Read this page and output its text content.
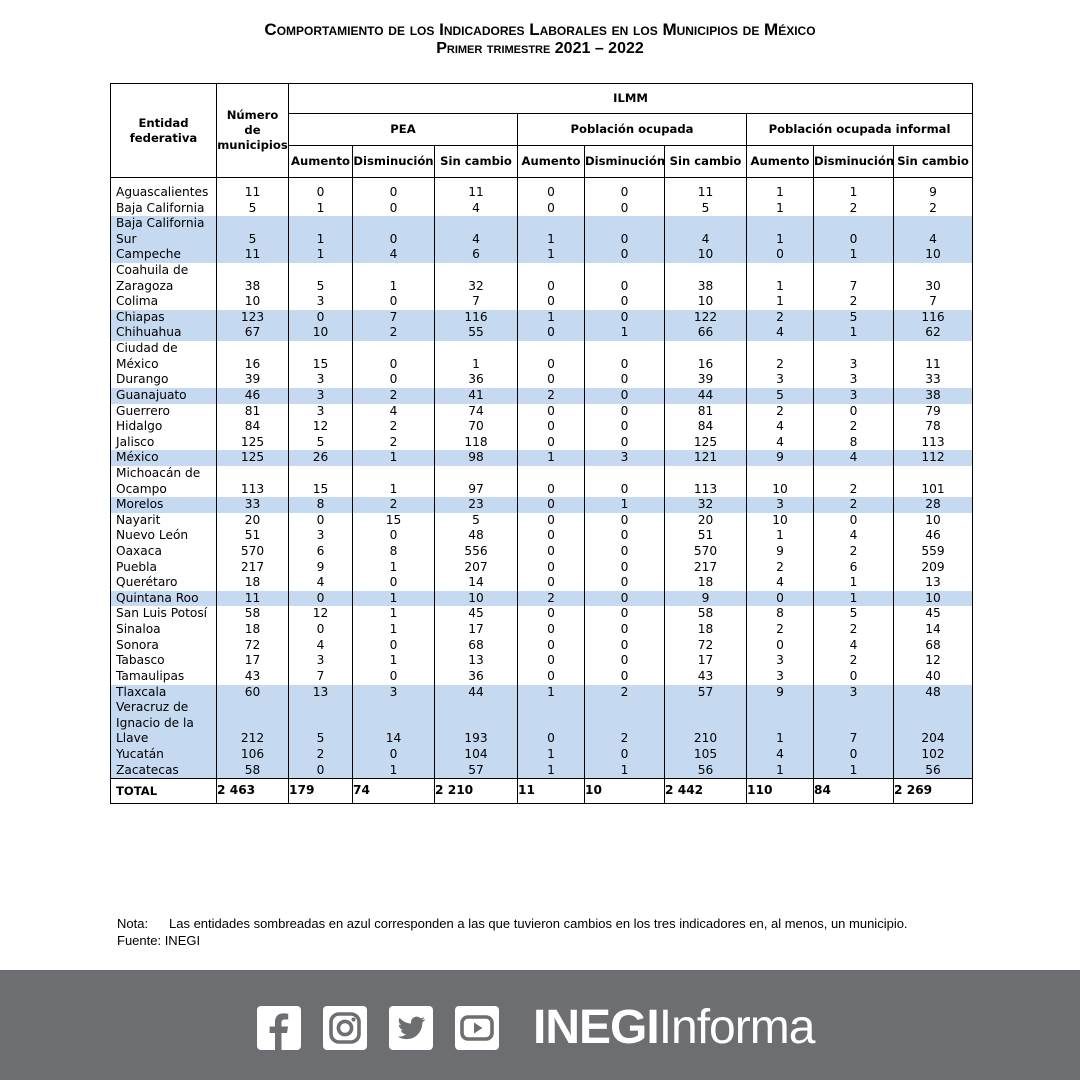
Comportamiento de los Indicadores Laborales en los Municipios de México
Primer trimestre 2021 – 2022
Entidad federativa	Número de municipios	ILMM								
		PEA			Población ocupada			Población ocupada informal		
		Aumento	Disminución	Sin cambio	Aumento	Disminución	Sin cambio	Aumento	Disminución	Sin cambio

Aguascalientes	11	0	0	11	0	0	11	1	1	9
Baja California	5	1	0	4	0	0	5	1	2	2
Baja California Sur	5	1	0	4	1	0	4	1	0	4
Campeche	11	1	4	6	1	0	10	0	1	10
Coahuila de Zaragoza	38	5	1	32	0	0	38	1	7	30
Colima	10	3	0	7	0	0	10	1	2	7
Chiapas	123	0	7	116	1	0	122	2	5	116
Chihuahua	67	10	2	55	0	1	66	4	1	62
Ciudad de México	16	15	0	1	0	0	16	2	3	11
Durango	39	3	0	36	0	0	39	3	3	33
Guanajuato	46	3	2	41	2	0	44	5	3	38
Guerrero	81	3	4	74	0	0	81	2	0	79
Hidalgo	84	12	2	70	0	0	84	4	2	78
Jalisco	125	5	2	118	0	0	125	4	8	113
México	125	26	1	98	1	3	121	9	4	112
Michoacán de Ocampo	113	15	1	97	0	0	113	10	2	101
Morelos	33	8	2	23	0	1	32	3	2	28
Nayarit	20	0	15	5	0	0	20	10	0	10
Nuevo León	51	3	0	48	0	0	51	1	4	46
Oaxaca	570	6	8	556	0	0	570	9	2	559
Puebla	217	9	1	207	0	0	217	2	6	209
Querétaro	18	4	0	14	0	0	18	4	1	13
Quintana Roo	11	0	1	10	2	0	9	0	1	10
San Luis Potosí	58	12	1	45	0	0	58	8	5	45
Sinaloa	18	0	1	17	0	0	18	2	2	14
Sonora	72	4	0	68	0	0	72	0	4	68
Tabasco	17	3	1	13	0	0	17	3	2	12
Tamaulipas	43	7	0	36	0	0	43	3	0	40
Tlaxcala	60	13	3	44	1	2	57	9	3	48
Veracruz de Ignacio de la Llave	212	5	14	193	0	2	210	1	7	204
Yucatán	106	2	0	104	1	0	105	4	0	102
Zacatecas	58	0	1	57	1	1	56	1	1	56
TOTAL	2 463	179	74	2 210	11	10	2 442	110	84	2 269
Nota: Las entidades sombreadas en azul corresponden a las que tuvieron cambios en los tres indicadores en, al menos, un municipio.
Fuente: INEGI
INEGIInforma
